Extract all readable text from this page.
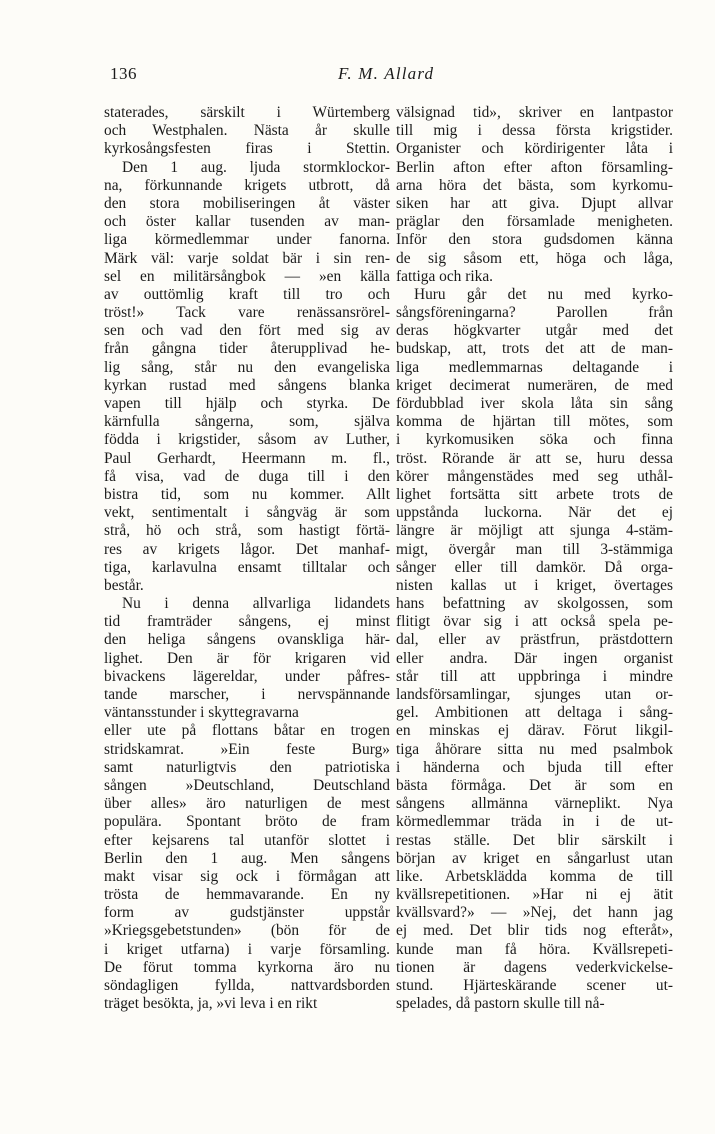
136	F. M. Allard
staterades, särskilt i Würtemberg
och Westphalen. Nästa år skulle
kyrkosångsfesten firas i Stettin.
Den 1 aug. ljuda stormklockor-
na, förkunnande krigets utbrott, då
den stora mobiliseringen åt väster
och öster kallar tusenden av man-
liga körmedlemmar under fanorna.
Märk väl: varje soldat bär i sin ren-
sel en militärsångbok — »en källa
av outtömlig kraft till tro och
tröst!» Tack vare renässansrörel-
sen och vad den fört med sig av
från gångna tider återupplivad he-
lig sång, står nu den evangeliska
kyrkan rustad med sångens blanka
vapen till hjälp och styrka. De
kärnfulla sångerna, som, själva
födda i krigstider, såsom av Luther,
Paul Gerhardt, Heermann m. fl.,
få visa, vad de duga till i den
bistra tid, som nu kommer. Allt
vekt, sentimentalt i sångväg är som
strå, hö och strå, som hastigt förtä-
res av krigets lågor. Det manhaf-
tiga, karlavulna ensamt tilltalar och
består.
Nu i denna allvarliga lidandets
tid framträder sångens, ej minst
den heliga sångens ovanskliga här-
lighet. Den är för krigaren vid
bivackens lägereldar, under påfres-
tande marscher, i nervspännande
väntansstunder i skyttegravarna
eller ute på flottans båtar en trogen
stridskamrat. »Ein feste Burg»
samt naturligtvis den patriotiska
sången »Deutschland, Deutschland
über alles» äro naturligen de mest
populära. Spontant bröto de fram
efter kejsarens tal utanför slottet i
Berlin den 1 aug. Men sångens
makt visar sig ock i förmågan att
trösta de hemmavarande. En ny
form av gudstjänster uppstår
»Kriegsgebetstunden» (bön för de
i kriget utfarna) i varje församling.
De förut tomma kyrkorna äro nu
söndagligen fyllda, nattvardsborden
träget besökta, ja, »vi leva i en rikt
välsignad tid», skriver en lantpastor
till mig i dessa första krigstider.
Organister och kördirigenter låta i
Berlin afton efter afton församling-
arna höra det bästa, som kyrkomu-
siken har att giva. Djupt allvar
präglar den församlade menigheten.
Inför den stora gudsdomen känna
de sig såsom ett, höga och låga,
fattiga och rika.
Huru går det nu med kyrko-
sångsföreningarna? Parollen från
deras högkvarter utgår med det
budskap, att, trots det att de man-
liga medlemmarnas deltagande i
kriget decimerat numerären, de med
fördubblad iver skola låta sin sång
komma de hjärtan till mötes, som
i kyrkomusiken söka och finna
tröst. Rörande är att se, huru dessa
körer mångenstädes med seg uthål-
lighet fortsätta sitt arbete trots de
uppstånda luckorna. När det ej
längre är möjligt att sjunga 4-stäm-
migt, övergår man till 3-stämmiga
sånger eller till damkör. Då orga-
nisten kallas ut i kriget, övertages
hans befattning av skolgossen, som
flitigt övar sig i att också spela pe-
dal, eller av prästfrun, prästdottern
eller andra. Där ingen organist
står till att uppbringa i mindre
landsförsamlingar, sjunges utan or-
gel. Ambitionen att deltaga i sång-
en minskas ej därav. Förut likgil-
tiga åhörare sitta nu med psalmbok
i händerna och bjuda till efter
bästa förmåga. Det är som en
sångens allmänna värneplikt. Nya
körmedlemmar träda in i de ut-
restas ställe. Det blir särskilt i
början av kriget en sångarlust utan
like. Arbetsklädda komma de till
kvällsrepetitionen. »Har ni ej ätit
kvällsvard?» — »Nej, det hann jag
ej med. Det blir tids nog efteråt»,
kunde man få höra. Kvällsrepeti-
tionen är dagens vederkvickelse-
stund. Hjärteskärande scener ut-
spelades, då pastorn skulle till nå-
